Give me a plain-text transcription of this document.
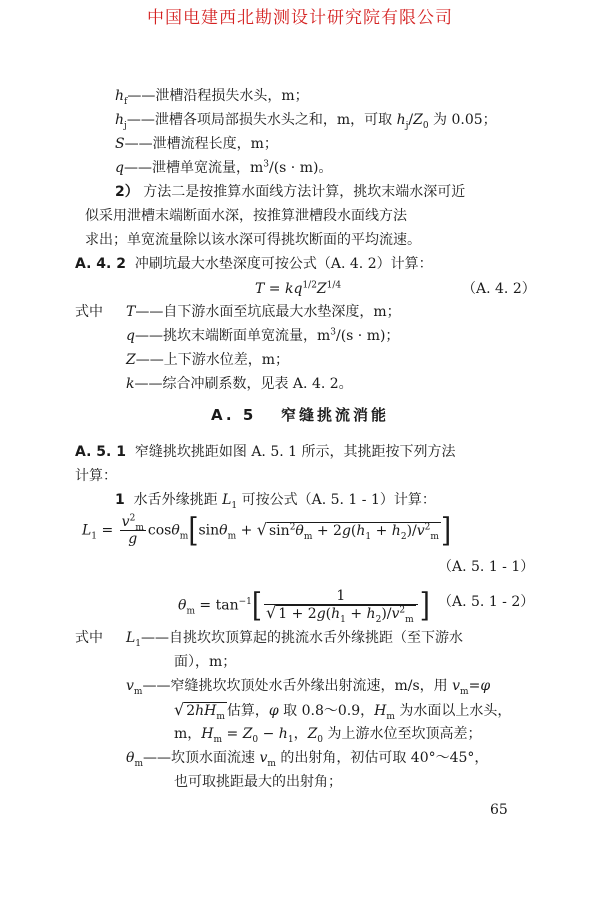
中国电建西北勘测设计研究院有限公司
$h_f——$泄槽沿程损失水头，m；
$h_j——$泄槽各项局部损失水头之和，m，可取 $h_j/Z_0$ 为 0.05；
S——泄槽流程长度，m；
q——泄槽单宽流量，$m^3/(s \cdot m)$。
2） 方法二是按推算水面线方法计算，挑坎末端水深可近
似采用泄槽末端断面水深，按推算泄槽段水面线方法
求出；单宽流量除以该水深可得挑坎断面的平均流速。
A. 4. 2 冲刷坑最大水垫深度可按公式（A. 4. 2）计算：
$T = kq^{1/2}Z^{1/4}$	（A. 4. 2）
式中 T——自下游水面至坑底最大水垫深度，m；
q——挑坎末端断面单宽流量，$m^3/(s \cdot m)$；
Z——上下游水位差，m；
k——综合冲刷系数，见表 A. 4. 2。
A. 5 窄缝挑流消能
A. 5. 1 窄缝挑坎挑距如图 A. 5. 1 所示，其挑距按下列方法
计算：
1  水舌外缘挑距 $L_1$ 可按公式（A. 5. 1 - 1）计算：
$L_1 = \frac{v^2_m}{g} \cos\theta_m[\sin\theta_m$ + √ $\sin^2\theta_m + 2g(h_1 + h_2)/v^2_m$]
（A. 5. 1 - 1）
$\theta_m = \tan^{-1}[ \frac{1}{√ 1 + 2g(h_1 + h_2)/v^2_m}$ ] （A. 5. 1 - 2）
式中 $L_1——$自挑坎坎顶算起的挑流水舌外缘挑距（至下游水
面），m；
$v_m——$窄缝挑坎坎顶处水舌外缘出射流速，m/s，用 $v_m=\varphi$
√ $2hH_m$ 估算，φ 取 0.8～0.9，$H_m$ 为水面以上水头，
m，$H_m = Z_0 - h_1$，$Z_0$ 为上游水位至坎顶高差；
$\theta_m——$坎顶水面流速 $v_m$ 的出射角，初估可取 40°～45°，
也可取挑距最大的出射角；
65
